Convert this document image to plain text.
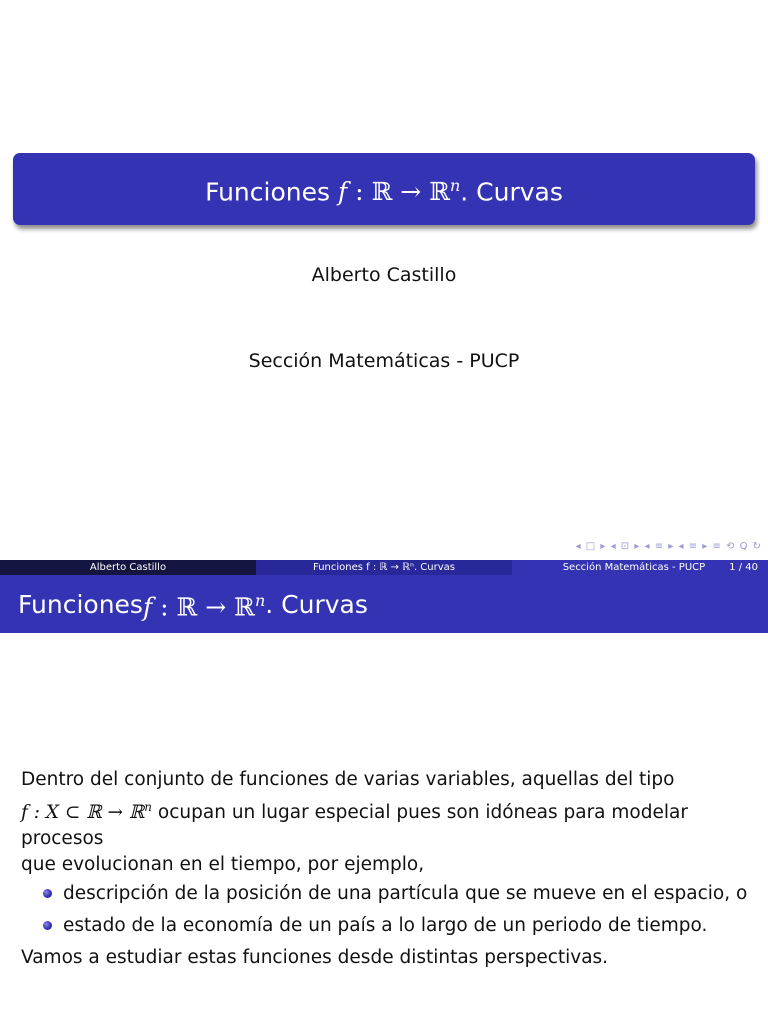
Funciones f : ℝ → ℝ$^n$. Curvas
Alberto Castillo
Sección Matemáticas - PUCP
◂ □ ▸ ◂ ⊡ ▸ ◂ ≡ ▸ ◂ ≡ ▸ ≡ ⟲ Q ↻
Alberto Castillo	Funciones f : ℝ → ℝⁿ. Curvas	Sección Matemáticas - PUCP 1 / 40
Funciones f : ℝ → ℝ$^n$ . Curvas

Dentro del conjunto de funciones de varias variables, aquellas del tipo
f : X ⊂ ℝ → ℝ$^n$ ocupan un lugar especial pues son idóneas para modelar procesos
que evolucionan en el tiempo, por ejemplo,

descripción de la posición de una partícula que se mueve en el espacio, o
estado de la economía de un país a lo largo de un periodo de tiempo.

Vamos a estudiar estas funciones desde distintas perspectivas.
